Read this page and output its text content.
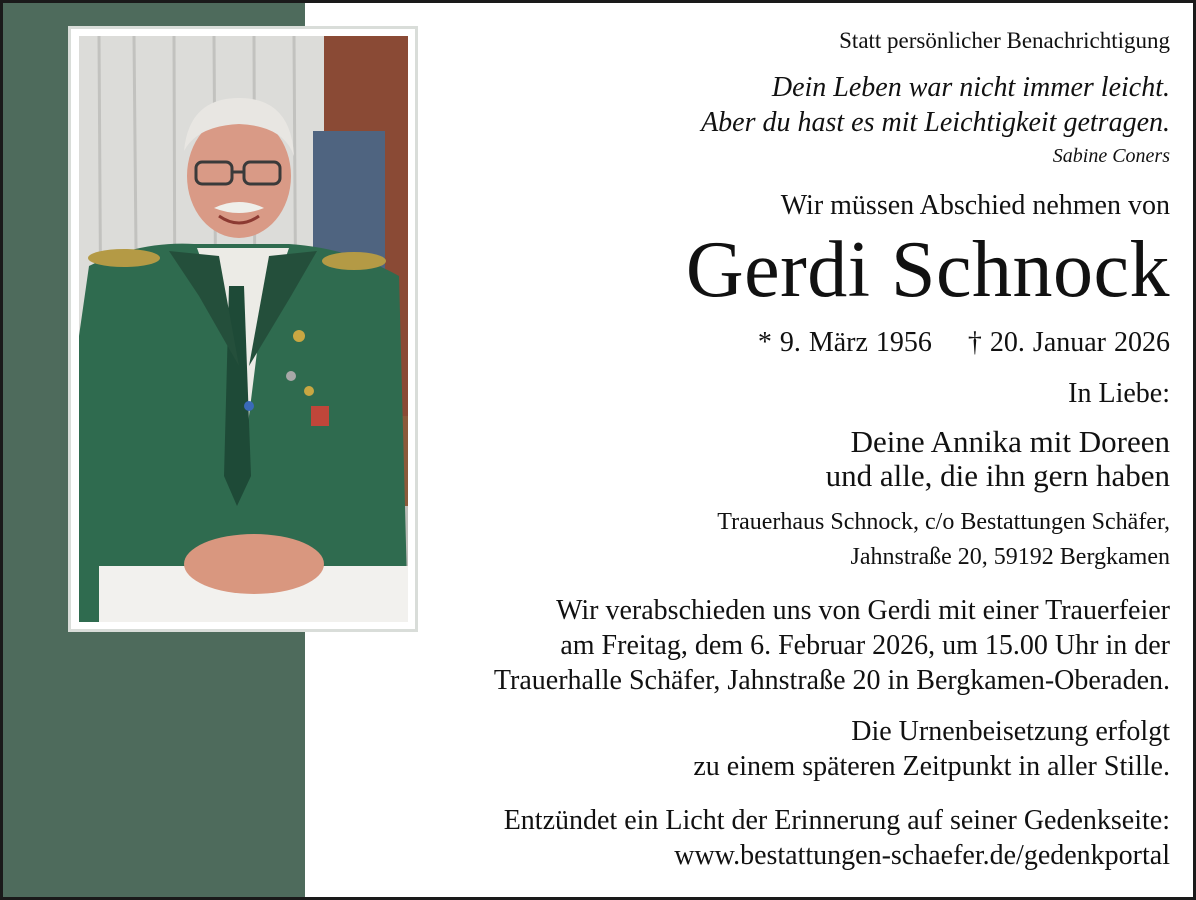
Statt persönlicher Benachrichtigung
Dein Leben war nicht immer leicht.
Aber du hast es mit Leichtigkeit getragen.
Sabine Coners
Wir müssen Abschied nehmen von
Gerdi Schnock
* 9. März 1956 † 20. Januar 2026
In Liebe:
Deine Annika mit Doreen
und alle, die ihn gern haben
Trauerhaus Schnock, c/o Bestattungen Schäfer,
Jahnstraße 20, 59192 Bergkamen
Wir verabschieden uns von Gerdi mit einer Trauerfeier
am Freitag, dem 6. Februar 2026, um 15.00 Uhr in der
Trauerhalle Schäfer, Jahnstraße 20 in Bergkamen-Oberaden.
Die Urnenbeisetzung erfolgt
zu einem späteren Zeitpunkt in aller Stille.
Entzündet ein Licht der Erinnerung auf seiner Gedenkseite:
www.bestattungen-schaefer.de/gedenkportal
